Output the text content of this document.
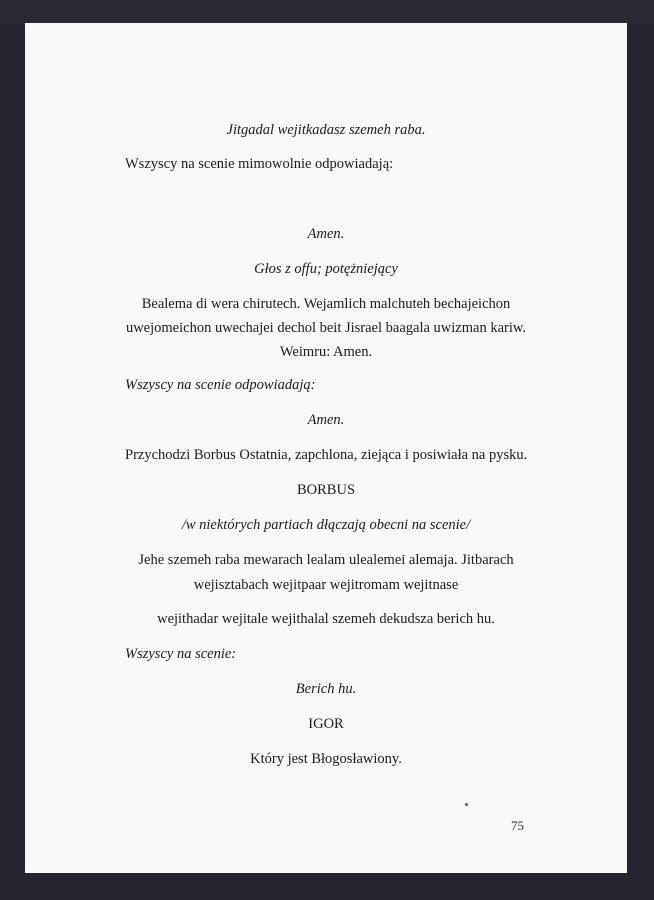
Jitgadal wejitkadasz szemeh raba.
Wszyscy na scenie mimowolnie odpowiadają:
Amen.
Głos z offu; potężniejący
Bealema di wera chirutech. Wejamlich malchuteh bechajeichon
uwejomeichon uwechajei dechol beit Jisrael baagala uwizman kariw.
Weimru: Amen.
Wszyscy na scenie odpowiadają:
Amen.
Przychodzi Borbus Ostatnia, zapchlona, ziejąca i posiwiała na pysku.
BORBUS
/w niektórych partiach dłączają obecni na scenie/
Jehe szemeh raba mewarach lealam ulealemei alemaja. Jitbarach
wejisztabach wejitpaar wejitromam wejitnase
wejithadar wejitale wejithalal szemeh dekudsza berich hu.
Wszyscy na scenie:
Berich hu.
IGOR
Który jest Błogosławiony.
75
